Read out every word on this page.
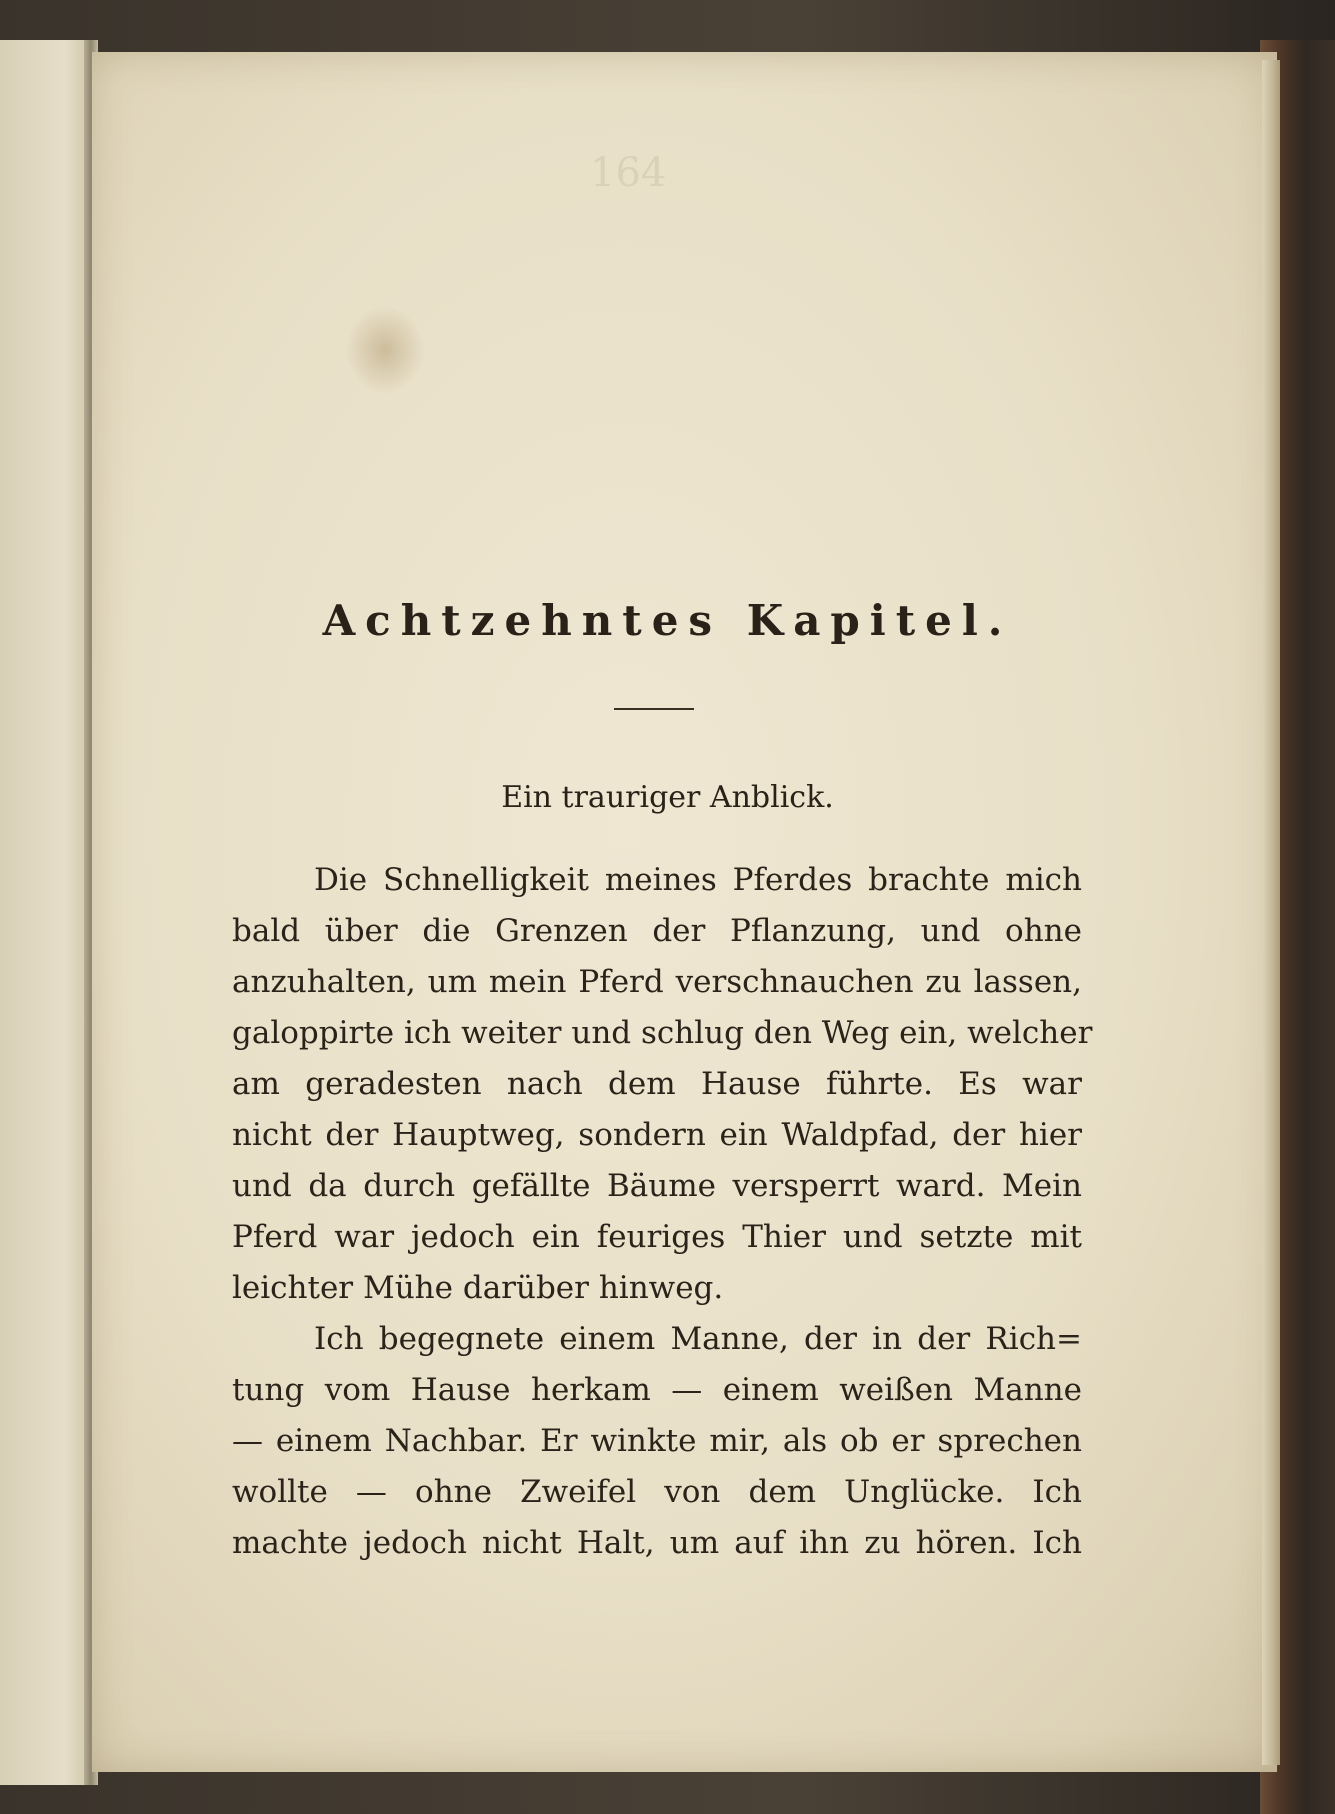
164
Achtzehntes Kapitel.
Ein trauriger Anblick.
Die Schnelligkeit meines Pferdes brachte mich
bald über die Grenzen der Pflanzung, und ohne
anzuhalten, um mein Pferd verschnauchen zu lassen,
galoppirte ich weiter und schlug den Weg ein, welcher
am geradesten nach dem Hause führte. Es war
nicht der Hauptweg, sondern ein Waldpfad, der hier
und da durch gefällte Bäume versperrt ward. Mein
Pferd war jedoch ein feuriges Thier und setzte mit
leichter Mühe darüber hinweg.
Ich begegnete einem Manne, der in der Rich=
tung vom Hause herkam — einem weißen Manne
— einem Nachbar. Er winkte mir, als ob er sprechen
wollte — ohne Zweifel von dem Unglücke. Ich
machte jedoch nicht Halt, um auf ihn zu hören. Ich
